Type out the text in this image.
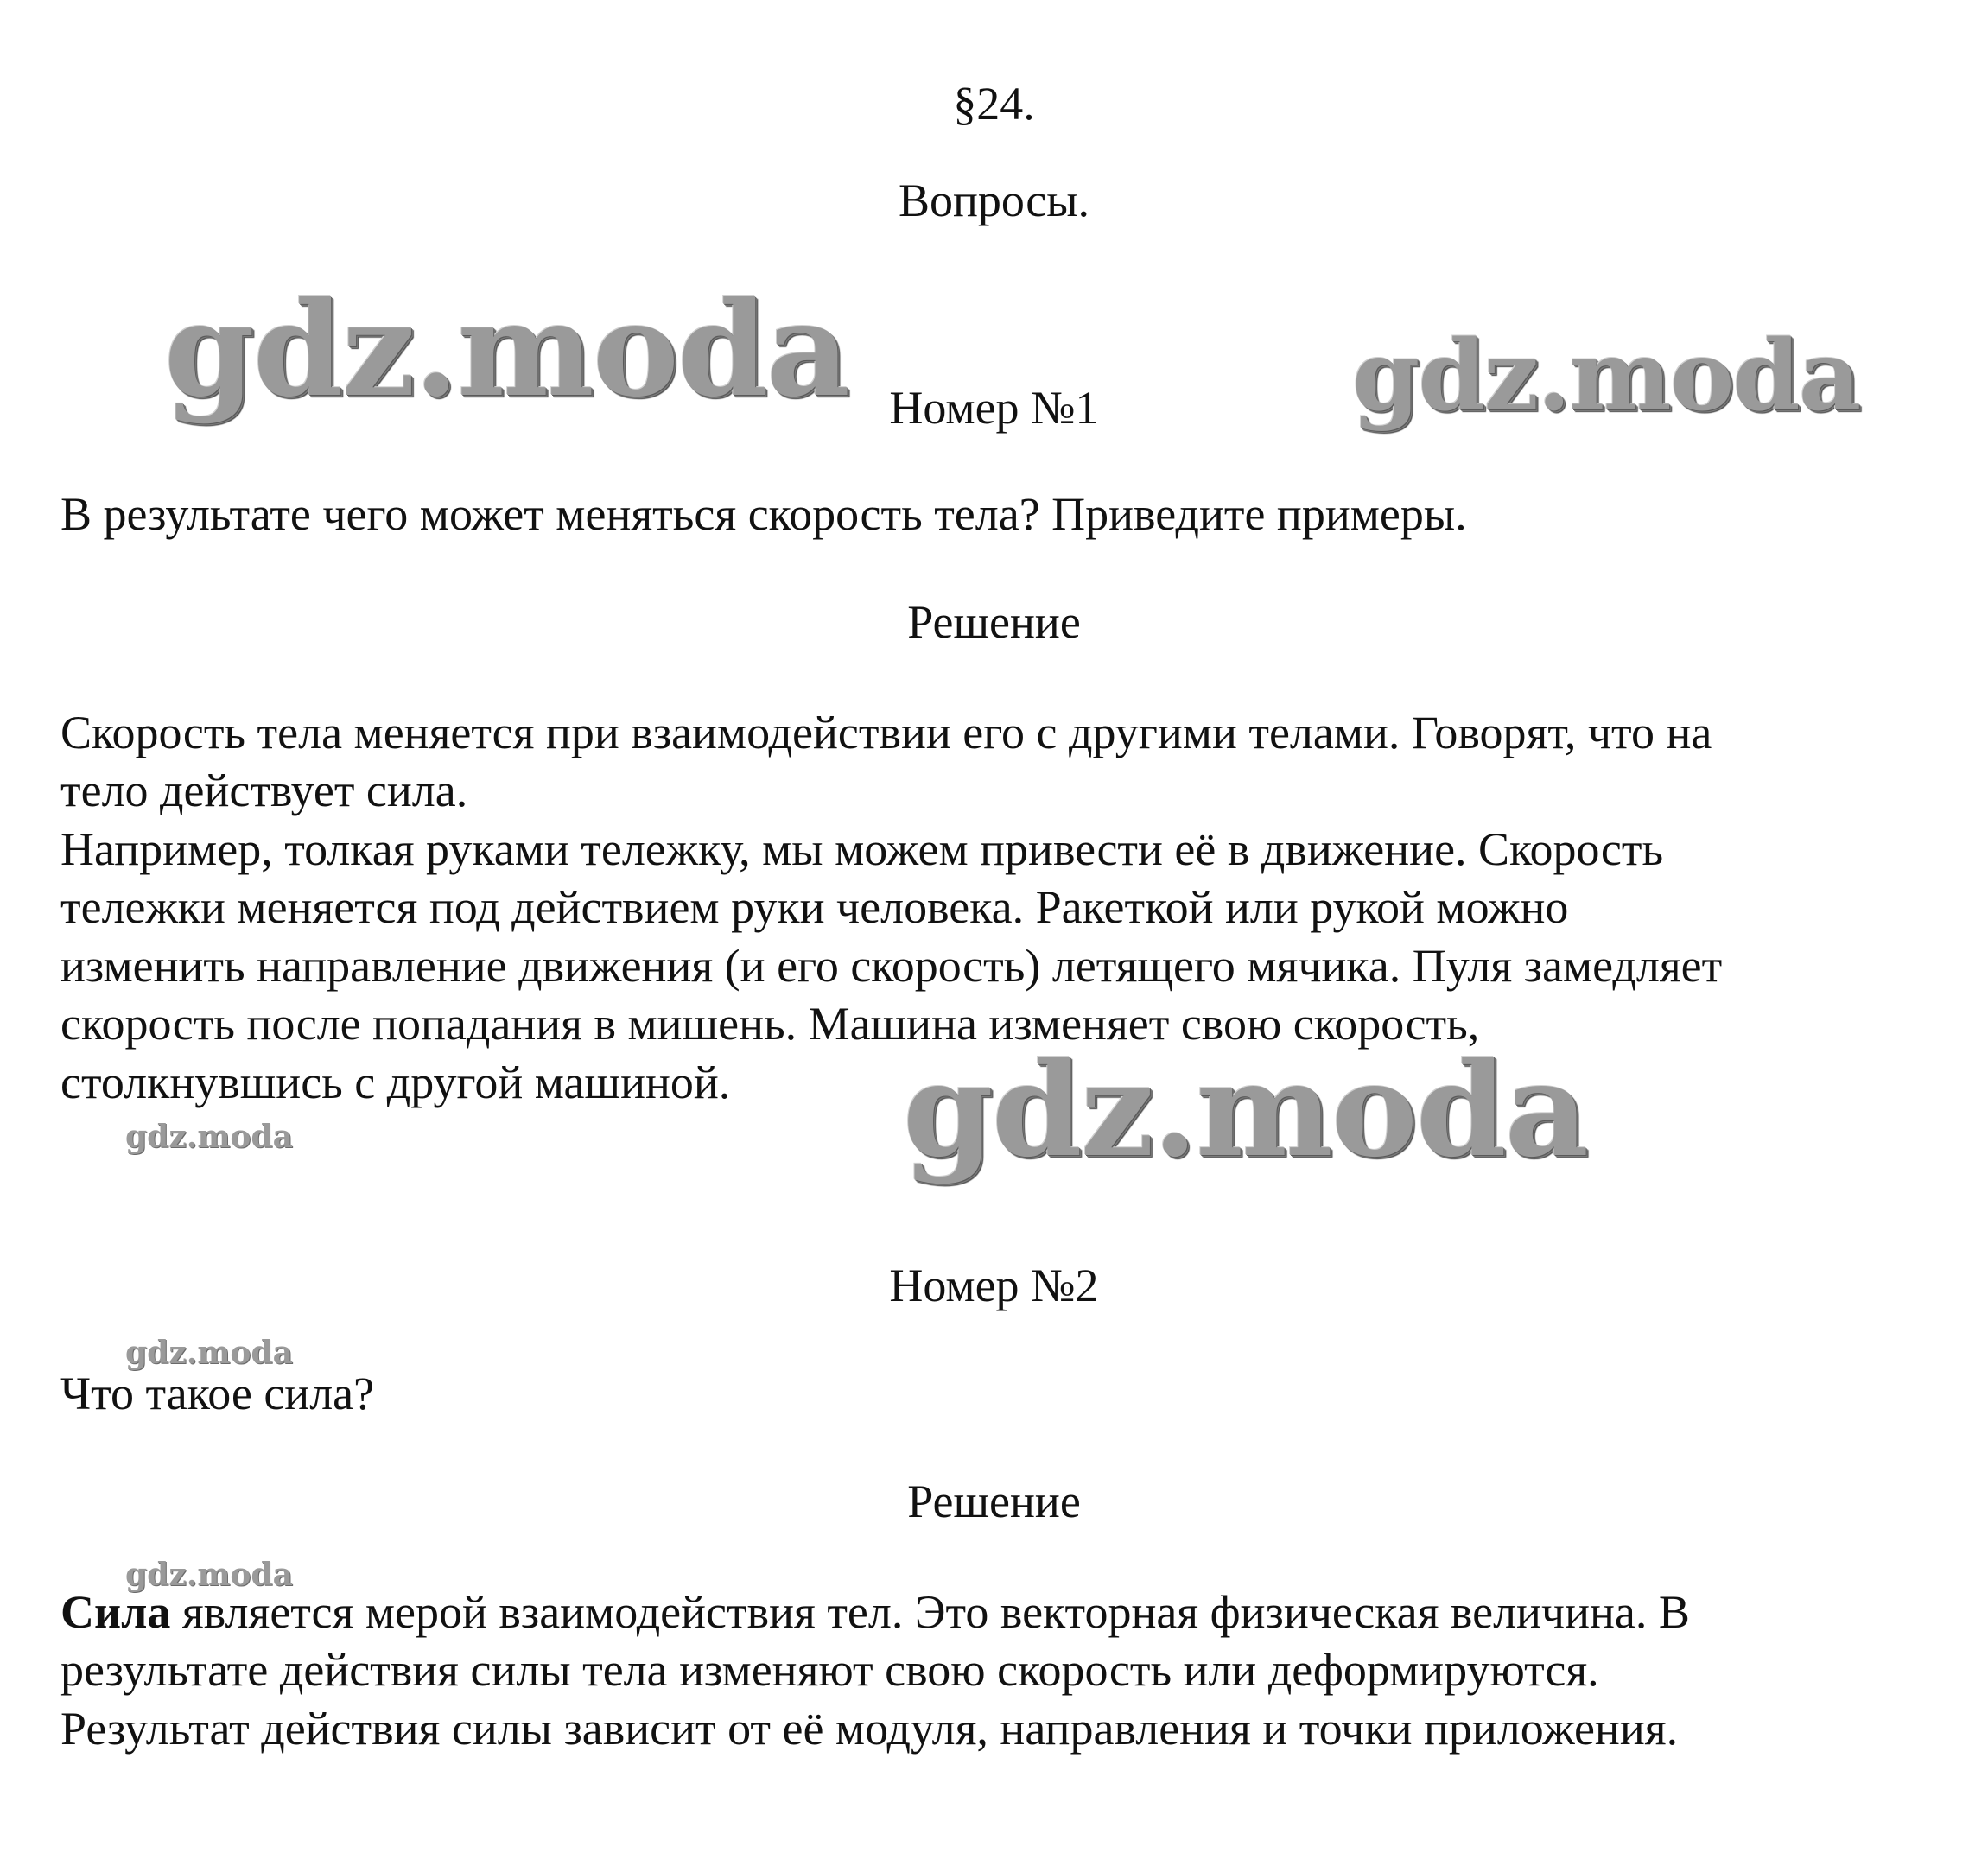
§24.
Вопросы.
gdz.moda	gdz.moda
Номер №1
В результате чего может меняться скорость тела? Приведите примеры.
Решение
Скорость тела меняется при взаимодействии его с другими телами. Говорят, что на
тело действует сила.
Например, толкая руками тележку, мы можем привести её в движение. Скорость
тележки меняется под действием руки человека. Ракеткой или рукой можно
изменить направление движения (и его скорость) летящего мячика. Пуля замедляет
скорость после попадания в мишень. Машина изменяет свою скорость,
столкнувшись с другой машиной.	gdz.moda
gdz.moda
Номер №2
gdz.moda
Что такое сила?
Решение
gdz.moda
Сила является мерой взаимодействия тел. Это векторная физическая величина. В
результате действия силы тела изменяют свою скорость или деформируются.
Результат действия силы зависит от её модуля, направления и точки приложения.
